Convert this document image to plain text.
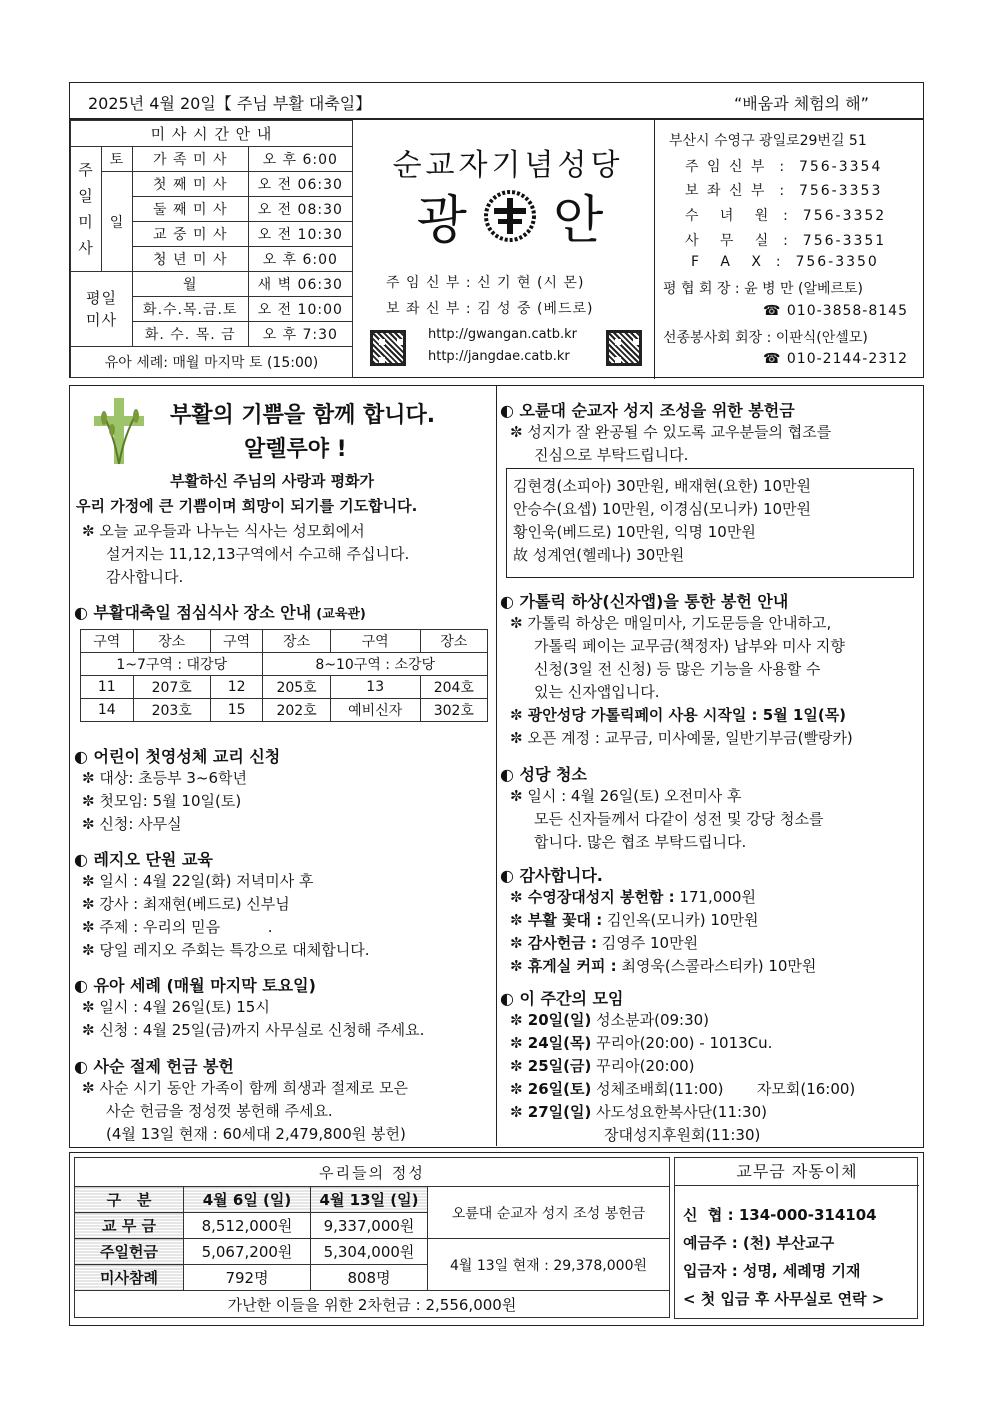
2025년 4월 20일【 주님 부활 대축일】	“배움과 체험의 해”
미 사 시 간 안 내			

주일미사	토	가 족 미 사	오 후 6:00
	일	첫 째 미 사	오 전 06:30
		둘 째 미 사	오 전 08:30
		교 중 미 사	오 전 10:30
		청 년 미 사	오 후 6:00

평일미사		월	새 벽 06:30
		화.수.목.금.토	오 전 10:00
		화. 수. 목. 금	오 후 7:30
유아 세례: 매월 마지막 토 (15:00)			
순교자기념성당
광 안
주 임 신 부 : 신 기 현 (시 몬)
보 좌 신 부 : 김 성 중 (베드로)
http://gwangan.catb.kr
http://jangdae.catb.kr
부산시 수영구 광일로29번길 51
주 임 신 부  :  756-3354
보 좌 신 부  :  756-3353
수   녀   원  :  756-3352
사   무   실  :  756-3351
F   A   X  :  756-3350
평 협 회 장 : 윤 병 만 (알베르토)
☎ 010-3858-8145
선종봉사회 회장 : 이판식(안셀모)
☎ 010-2144-2312
부활의 기쁨을 함께 합니다.
알렐루야 !
부활하신 주님의 사랑과 평화가
우리 가정에 큰 기쁨이며 희망이 되기를 기도합니다.
✼ 오늘 교우들과 나누는 식사는 성모회에서
설거지는 11,12,13구역에서 수고해 주십니다.
감사합니다.
◐ 부활대축일 점심식사 장소 안내 (교육관)
구역	장소	구역	장소	구역	장소
1~7구역 : 대강당			8~10구역 : 소강당		
11	207호	12	205호	13	204호
14	203호	15	202호	예비신자	302호
◐ 어린이 첫영성체 교리 신청
✼ 대상: 초등부 3~6학년
✼ 첫모임: 5월 10일(토)
✼ 신청: 사무실
◐ 레지오 단원 교육
✼ 일시 : 4월 22일(화) 저녁미사 후
✼ 강사 : 최재현(베드로) 신부님
✼ 주제 : 우리의 믿음          .
✼ 당일 레지오 주회는 특강으로 대체합니다.
◐ 유아 세례 (매월 마지막 토요일)
✼ 일시 : 4월 26일(토) 15시
✼ 신청 : 4월 25일(금)까지 사무실로 신청해 주세요.
◐ 사순 절제 헌금 봉헌
✼ 사순 시기 동안 가족이 함께 희생과 절제로 모은
사순 헌금을 정성껏 봉헌해 주세요.
(4월 13일 현재 : 60세대 2,479,800원 봉헌)
◐ 오륜대 순교자 성지 조성을 위한 봉헌금
✼ 성지가 잘 완공될 수 있도록 교우분들의 협조를
진심으로 부탁드립니다.
김현경(소피아) 30만원, 배재현(요한) 10만원
안승수(요셉) 10만원, 이경심(모니카) 10만원
황인욱(베드로) 10만원, 익명 10만원
故 성계연(헬레나) 30만원
◐ 가톨릭 하상(신자앱)을 통한 봉헌 안내
✼ 가톨릭 하상은 매일미사, 기도문등을 안내하고,
가톨릭 페이는 교무금(책정자) 납부와 미사 지향
신청(3일 전 신청) 등 많은 기능을 사용할 수
있는 신자앱입니다.
✼ 광안성당 가톨릭페이 사용 시작일 : 5월 1일(목)
✼ 오픈 계정 : 교무금, 미사예물, 일반기부금(빨랑카)
◐ 성당 청소
✼ 일시 : 4월 26일(토) 오전미사 후
모든 신자들께서 다같이 성전 및 강당 청소를
합니다. 많은 협조 부탁드립니다.
◐ 감사합니다.
✼ 수영장대성지 봉헌함 : 171,000원
✼ 부활 꽃대 : 김인옥(모니카) 10만원
✼ 감사헌금 : 김영주 10만원
✼ 휴게실 커피 : 최영욱(스콜라스티카) 10만원
◐ 이 주간의 모임
✼ 20일(일) 성소분과(09:30)
✼ 24일(목) 꾸리아(20:00) - 1013Cu.
✼ 25일(금) 꾸리아(20:00)
✼ 26일(토) 성체조배회(11:00)       자모회(16:00)
✼ 27일(일) 사도성요한복사단(11:30)
장대성지후원회(11:30)
우리들의 정성			
구   분	4월 6일 (일)	4월 13일 (일)	오륜대 순교자 성지 조성 봉헌금
교 무 금	8,512,000원	9,337,000원	
주일헌금	5,067,200원	5,304,000원	4월 13일 현재 : 29,378,000원
미사참례	792명	808명	
가난한 이들을 위한 2차헌금 : 2,556,000원			
교무금 자동이체
신  협 : 134-000-314104
예금주 : (천) 부산교구
입금자 : 성명, 세례명 기재
< 첫 입금 후 사무실로 연락 >
